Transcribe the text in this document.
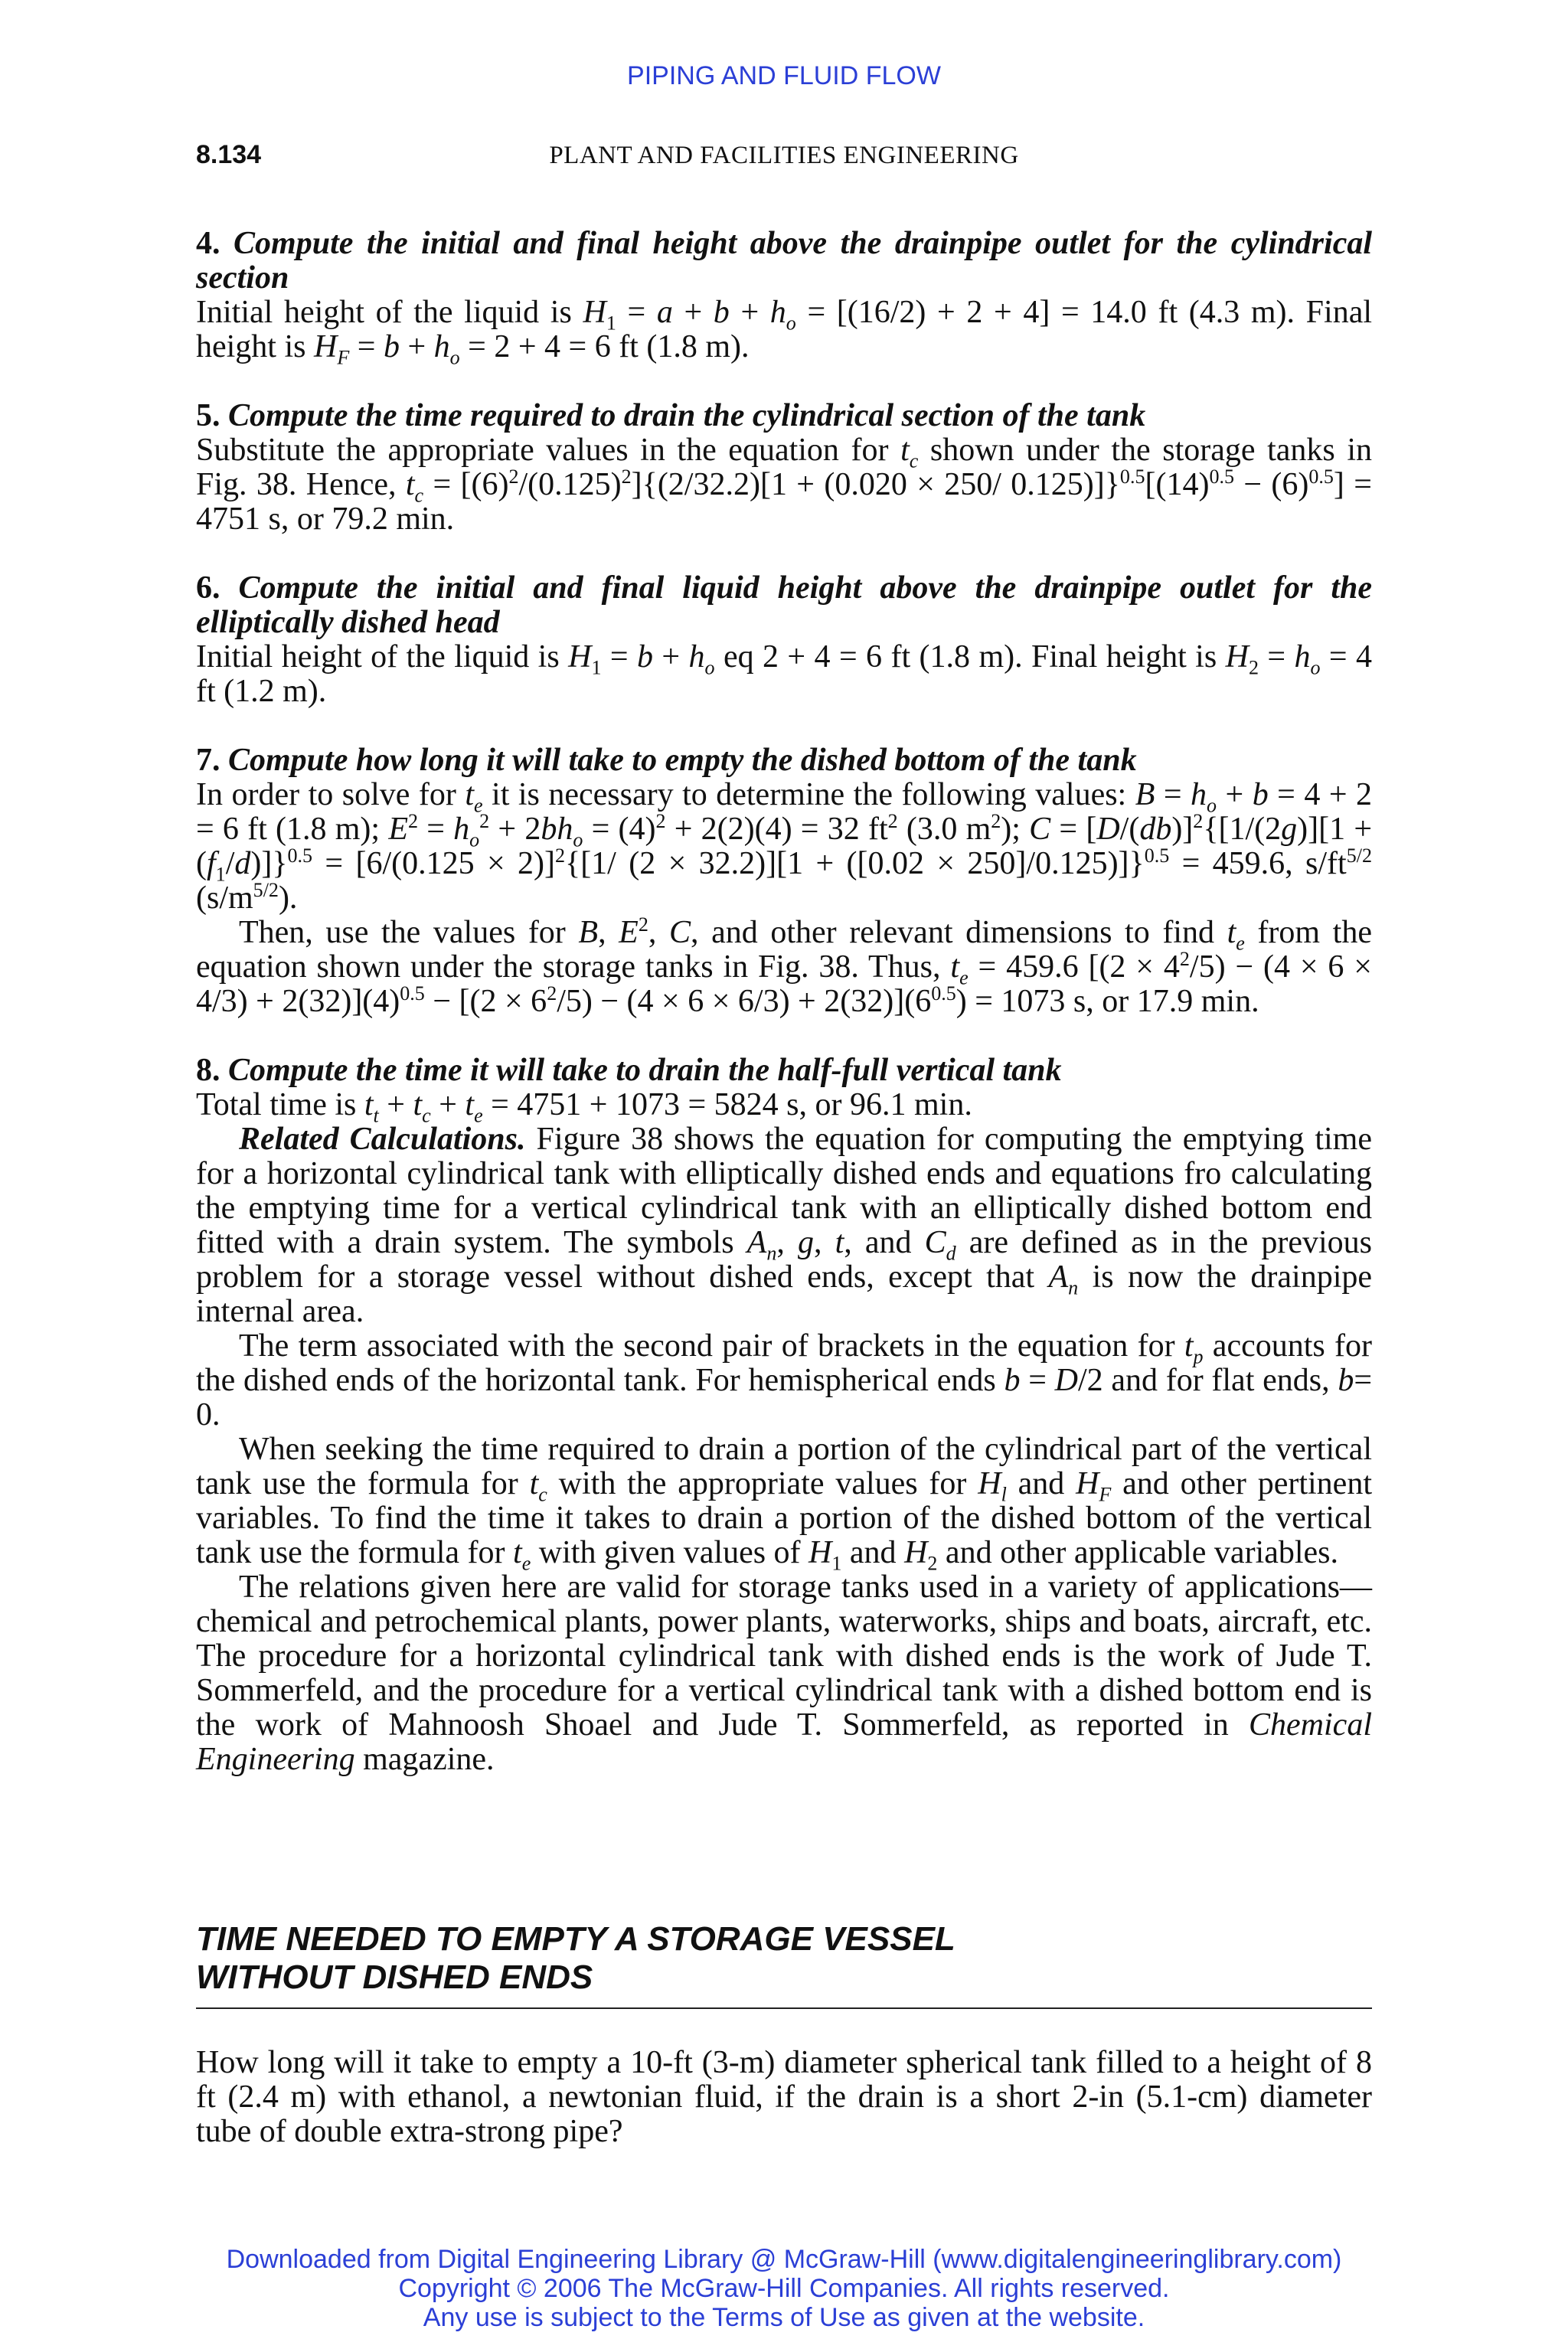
PIPING AND FLUID FLOW
8.134	PLANT AND FACILITIES ENGINEERING
4. Compute the initial and final height above the drainpipe outlet for the cylindrical section

Initial height of the liquid is $H_1 = a + b + h_o = [(16/2) + 2 + 4] = 14.0$ ft (4.3 m). Final height is $H_F = b + h_o = 2 + 4 = 6$ ft (1.8 m).

5. Compute the time required to drain the cylindrical section of the tank

Substitute the appropriate values in the equation for $t_c$ shown under the storage tanks in Fig. 38. Hence, $t_c = [(6)^2/(0.125)^2]\{(2/32.2)[1 + (0.020 \times 250/$ $0.125)]\}^{0.5}[(14)^{0.5} - (6)^{0.5}] = 4751$ s, or 79.2 min.

6. Compute the initial and final liquid height above the drainpipe outlet for the elliptically dished head

Initial height of the liquid is $H_1 = b + h_o$ eq 2 + 4 = 6 ft (1.8 m). Final height is $H_2 = h_o = 4$ ft (1.2 m).

7. Compute how long it will take to empty the dished bottom of the tank

In order to solve for $t_e$ it is necessary to determine the following values: $B = h_o + b = 4 + 2 = 6$ ft (1.8 m); $E^2 = h_o^2 + 2bh_o = (4)^2 + 2(2)(4) = 32$ $ft^2$ (3.0 $m^2$); $C = [D/(db)]^2\{[1/(2g)][1 + (f_1/d)]\}^{0.5} = [6/(0.125 \times 2)]^2\{[1/$ (2 × 32.2)][1 + ([0.02 × 250]/0.125)]}$^{0.5}$ = 459.6, $s/ft^{5/2}$ $(s/m^{5/2})$.

Then, use the values for B, $E^2$, C, and other relevant dimensions to find $t_e$ from the equation shown under the storage tanks in Fig. 38. Thus, $t_e = 459.6$ $[(2 \times 4^2/5) - (4 \times 6 \times 4/3) + 2(32)](4)^{0.5} - [(2 \times 6^2/5) - (4 \times 6 \times 6/3) + 2(32)](6^{0.5}) = 1073$ s, or 17.9 min.

8. Compute the time it will take to drain the half-full vertical tank

Total time is $t_t + t_c + t_e = 4751 + 1073 = 5824$ s, or 96.1 min.

Related Calculations. Figure 38 shows the equation for computing the emptying time for a horizontal cylindrical tank with elliptically dished ends and equations fro calculating the emptying time for a vertical cylindrical tank with an elliptically dished bottom end fitted with a drain system. The symbols $A_n$, g, t, and $C_d$ are defined as in the previous problem for a storage vessel without dished ends, except that $A_n$ is now the drainpipe internal area.

The term associated with the second pair of brackets in the equation for $t_p$ accounts for the dished ends of the horizontal tank. For hemispherical ends b = D/2 and for flat ends, b= 0.

When seeking the time required to drain a portion of the cylindrical part of the vertical tank use the formula for $t_c$ with the appropriate values for $H_l$ and $H_F$ and other pertinent variables. To find the time it takes to drain a portion of the dished bottom of the vertical tank use the formula for $t_e$ with given values of $H_1$ and $H_2$ and other applicable variables.

The relations given here are valid for storage tanks used in a variety of applications—chemical and petrochemical plants, power plants, waterworks, ships and boats, aircraft, etc. The procedure for a horizontal cylindrical tank with dished ends is the work of Jude T. Sommerfeld, and the procedure for a vertical cylindrical tank with a dished bottom end is the work of Mahnoosh Shoael and Jude T. Sommerfeld, as reported in Chemical Engineering magazine.

TIME NEEDED TO EMPTY A STORAGE VESSEL
WITHOUT DISHED ENDS

How long will it take to empty a 10-ft (3-m) diameter spherical tank filled to a height of 8 ft (2.4 m) with ethanol, a newtonian fluid, if the drain is a short 2-in (5.1-cm) diameter tube of double extra-strong pipe?

Downloaded from Digital Engineering Library @ McGraw-Hill (www.digitalengineeringlibrary.com)
Copyright © 2006 The McGraw-Hill Companies. All rights reserved.
Any use is subject to the Terms of Use as given at the website.
